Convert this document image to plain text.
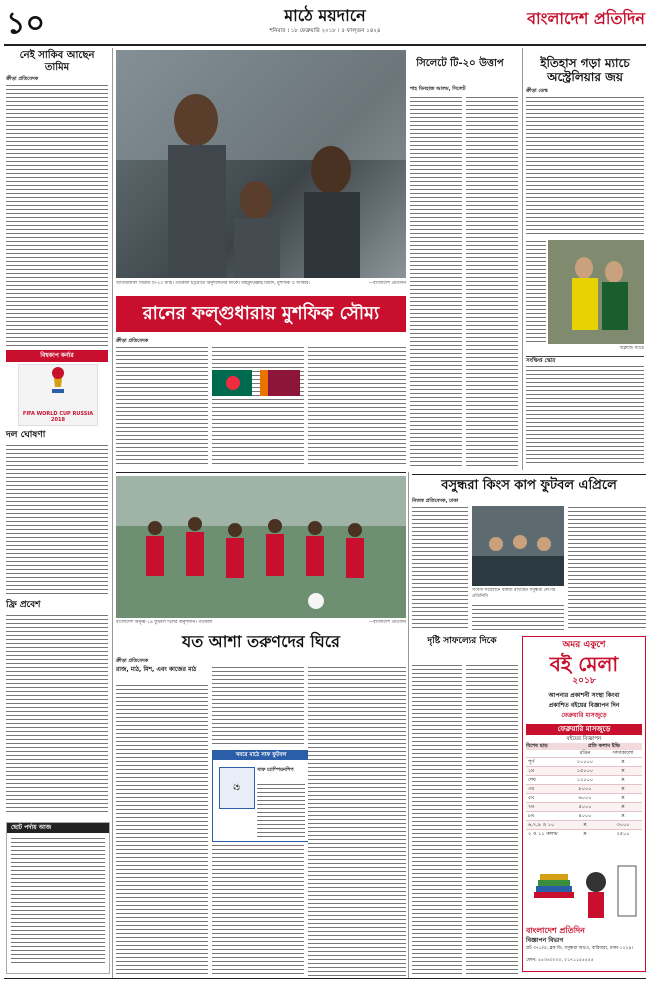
১০	মাঠে ময়দানে
শনিবার । ১৮ ফেব্রুয়ারি ২০১৮ । ৫ ফাল্গুন ১৪২৪
বাংলাদেশ প্রতিদিন
নেই সাকিব আছেন তামিম
ক্রীড়া প্রতিবেদক
বিশ্বকাপ কর্নার
FIFA WORLD CUP RUSSIA 2018
দল ঘোষণা
ফ্রি প্রবেশ
ছোট পর্দায় আজ
আগামীকাল সিরিজ টি-২০ ম্যাচ। গতকাল চট্টগ্রামে অনুশীলনের ফাঁকে। মাহমুদউল্লাহ রিয়াদ, মুশফিক ও সাব্বির।	—বাংলাদেশ প্রতিদিন
রানের ফল্গুধারায় মুশফিক সৌম্য
ক্রীড়া প্রতিবেদক
সিলেটে টি-২০ উত্তাপ
শাহ মিনহাজ আলম, সিলেট
ইতিহাস গড়া ম্যাচে অস্ট্রেলিয়ার জয়
ক্রীড়া ডেস্ক
অক্ল্যান্ড ম্যাচে
সংক্ষিপ্ত স্কোর
বাংলাদেশ অনূর্ধ্ব-১৯ ফুটবল দলের অনুশীলন। গতকাল	—বাংলাদেশ প্রতিদিন
যত আশা তরুণদের ঘিরে
ক্রীড়া প্রতিবেদক
রাজ, মাঠ, মিশ, এবং কাজের মাঠ
খবরে মাঠে সাফ ফুটবল
⚽
সাফ চ্যাম্পিয়নশিপ
দৃষ্টি সাফল্যের দিকে
বসুন্ধরা কিংস কাপ ফুটবল এপ্রিলে
নিজস্ব প্রতিবেদক, ঢাকা
সংবাদ সম্মেলনে বক্তব্য রাখছেন বসুন্ধরা গ্রুপের প্রতিনিধি
অমর একুশে
বই মেলা
২০১৮
আপনার প্রকাশনী সংস্থা কিংবা
প্রকাশিত বইয়ের বিজ্ঞাপন দিন
ফেব্রুয়ারি মাসজুড়ে
ফেব্রুয়ারি মাসজুড়ে
বইয়ের বিজ্ঞাপন
বিশেষ ছাড়	প্রতি কলাম ইঞ্চি
রঙিন	সাদাকালো
পূর্ণ	২০০০০	×
১ম	১৫০০০	×
শেষ	১২০০০	×
৩য়	৮০০০	×
৫ম	৬০০০	×
৭ম	৫০০০	×
৮ম	৪০০০	×
৬,৭,৯ ও ১০	×	৩০০০
২ ও ১১ কলাম	×	২৫০০
বাংলাদেশ প্রতিদিন
বিজ্ঞাপন বিভাগ
প্লট ৩৭১/এ, ব্লক ডি, বসুন্ধরা আ/এ, বারিধারা, ঢাকা-১২২৯।
ফোন: ৫৫৩৪০০০০, ০১৭১১৫৫৫৫৫
